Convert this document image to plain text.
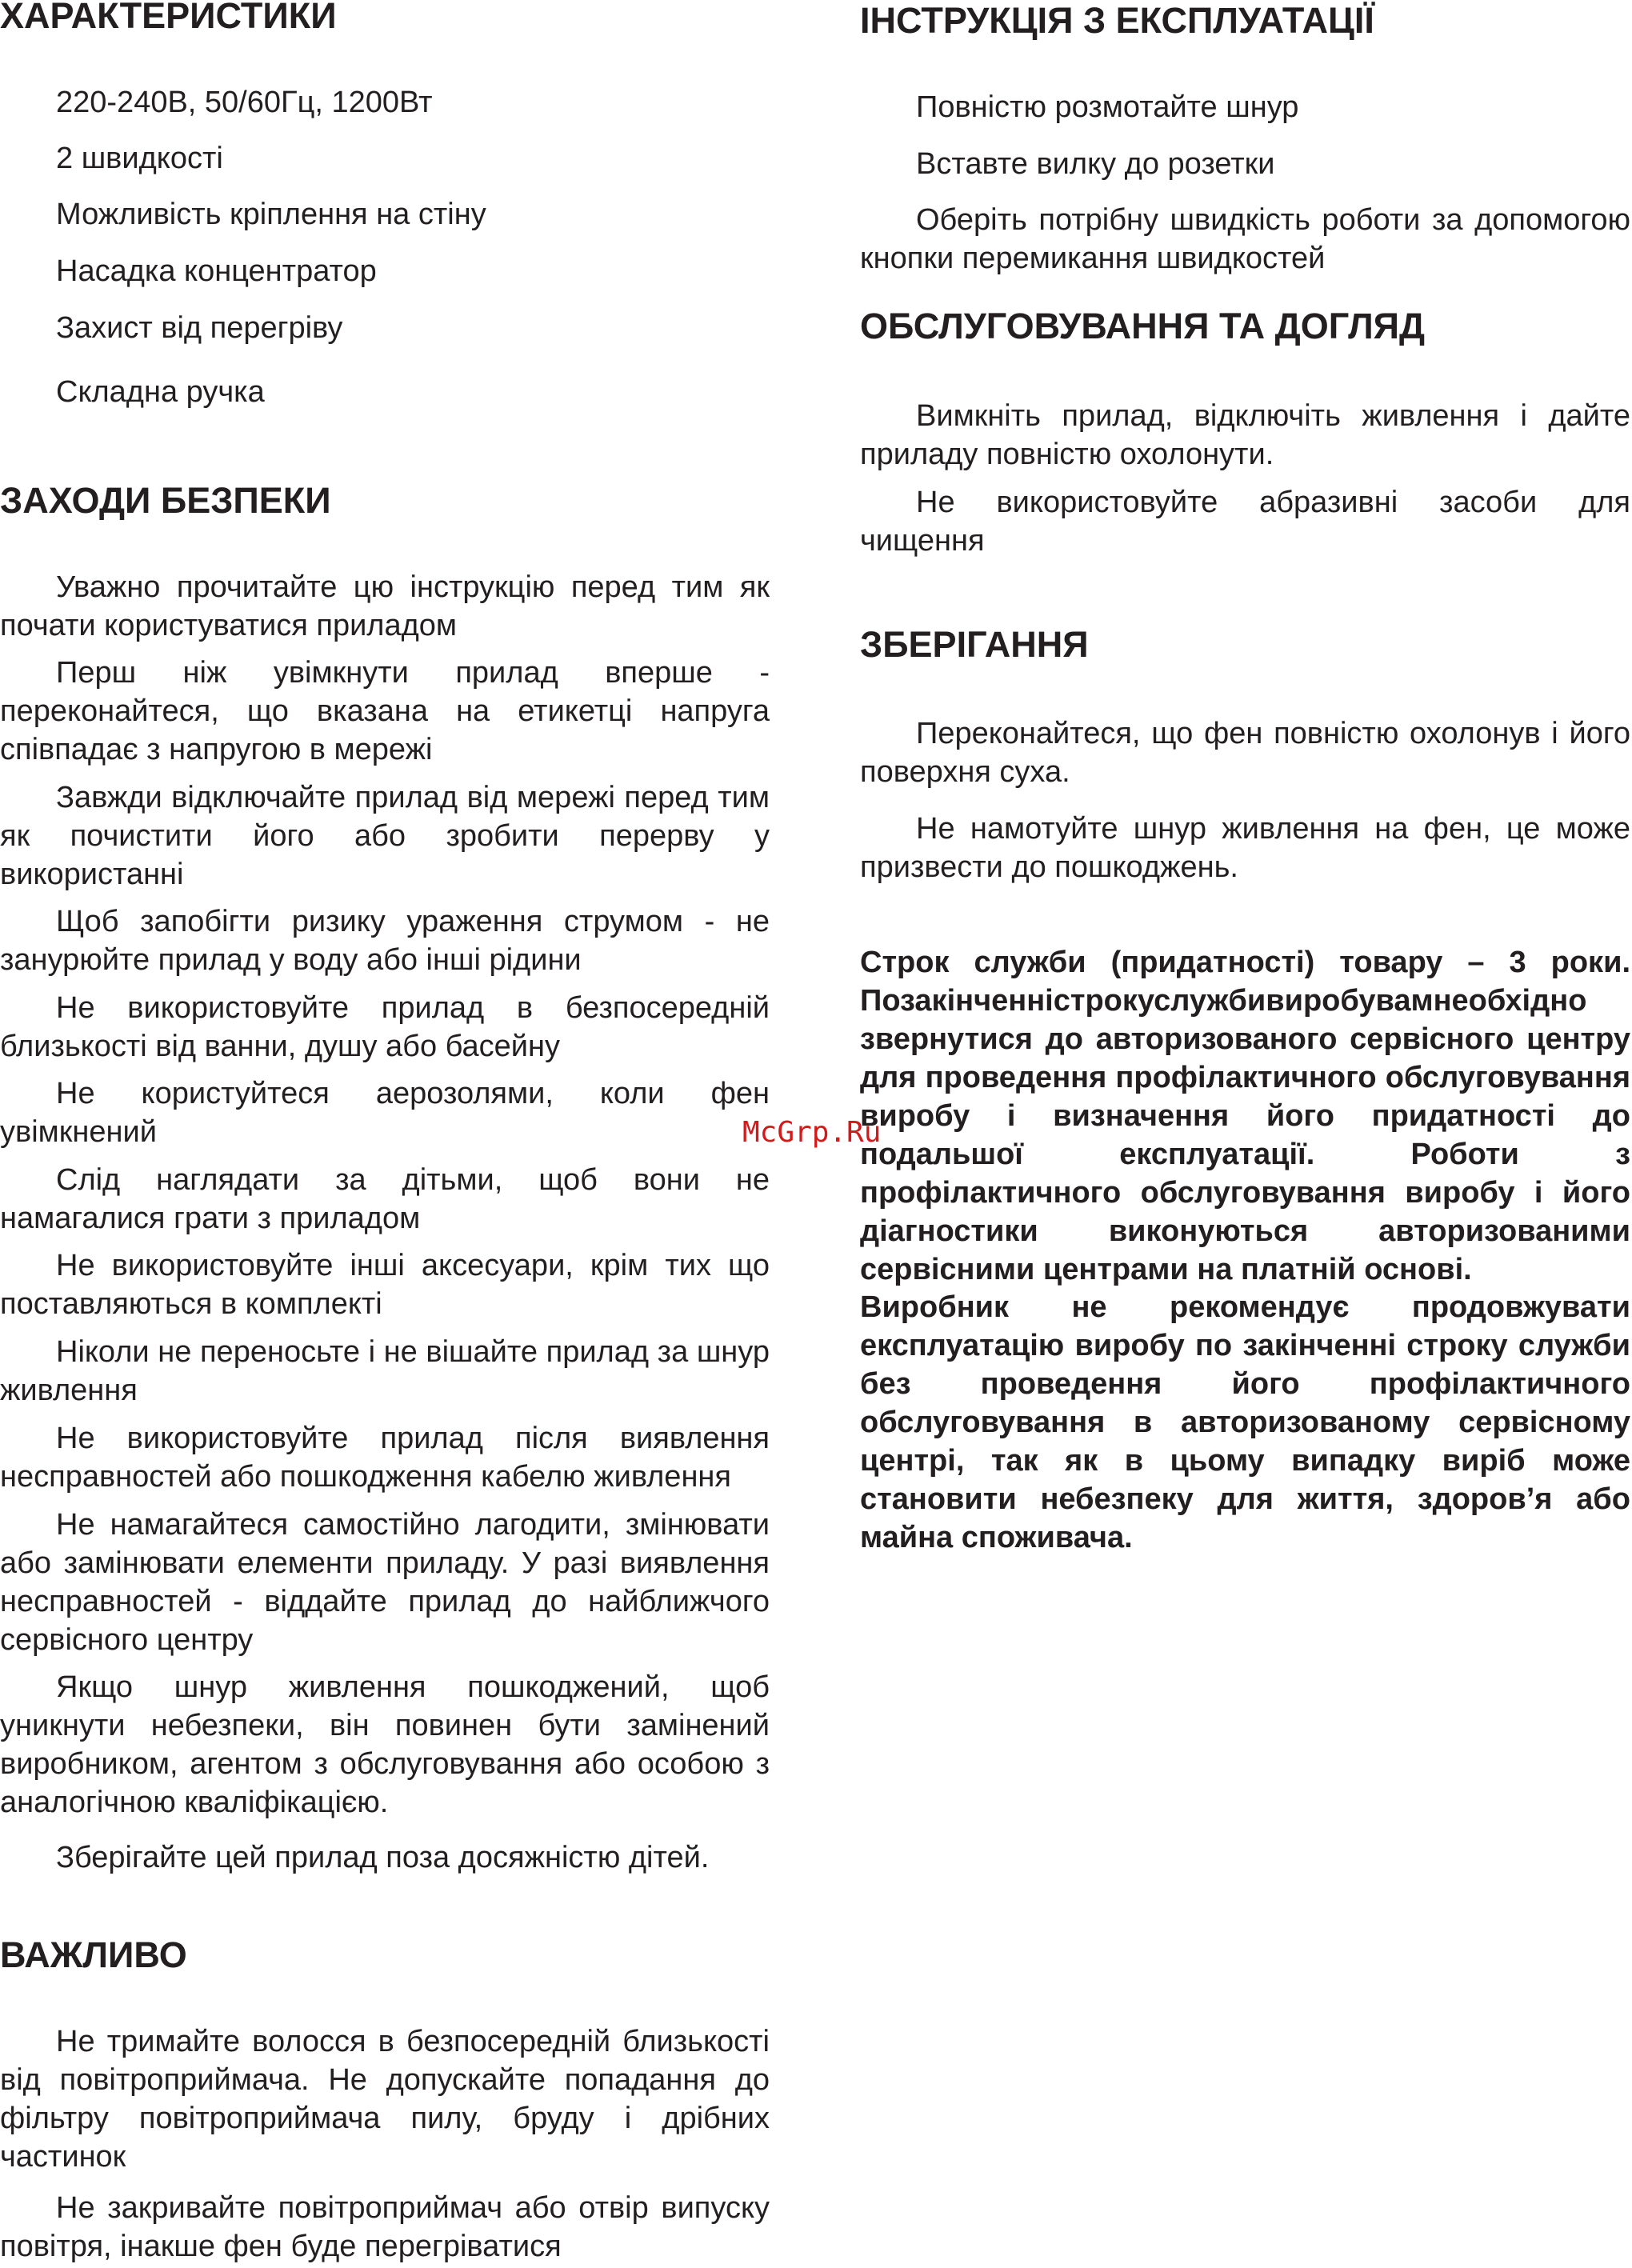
ХАРАКТЕРИСТИКИ

220-240В, 50/60Гц, 1200Вт

2 швидкості

Можливість кріплення на стіну

Насадка концентратор

Захист від перегріву

Складна ручка

ЗАХОДИ БЕЗПЕКИ

Уважно прочитайте цю інструкцію перед тим як почати користуватися приладом

Перш ніж увімкнути прилад вперше - переконайтеся, що вказана на етикетці напруга співпадає з напругою в мережі

Завжди відключайте прилад від мережі перед тим як почистити його або зробити перерву у використанні

Щоб запобігти ризику ураження струмом - не занурюйте прилад у воду або інші рідини

Не використовуйте прилад в безпосередній близькості від ванни, душу або басейну

Не користуйтеся аерозолями, коли фен увімкнений

Слід наглядати за дітьми, щоб вони не намагалися грати з приладом

Не використовуйте інші аксесуари, крім тих що поставляються в комплекті

Ніколи не переносьте і не вішайте прилад за шнур живлення

Не використовуйте прилад після виявлення несправностей або пошкодження кабелю живлення

Не намагайтеся самостійно лагодити, змінювати або замінювати елементи приладу. У разі виявлення несправностей - віддайте прилад до найближчого сервісного центру

Якщо шнур живлення пошкоджений, щоб уникнути небезпеки, він повинен бути замінений виробником, агентом з обслуговування або особою з аналогічною кваліфікацією.

Зберігайте цей прилад поза досяжністю дітей.

ВАЖЛИВО

Не тримайте волосся в безпосередній близькості від повітроприймача. Не допускайте попадання до фільтру повітроприймача пилу, бруду і дрібних частинок

Не закривайте повітроприймач або отвір випуску повітря, інакше фен буде перегріватися

ІНСТРУКЦІЯ З ЕКСПЛУАТАЦІЇ

Повністю розмотайте шнур

Вставте вилку до розетки

Оберіть потрібну швидкість роботи за допомогою кнопки перемикання швидкостей

ОБСЛУГОВУВАННЯ ТА ДОГЛЯД

Вимкніть прилад, відключіть живлення і дайте приладу повністю охолонути.

Не використовуйте абразивні засоби для чищення

ЗБЕРІГАННЯ

Переконайтеся, що фен повністю охолонув і його поверхня суха.

Не намотуйте шнур живлення на фен, це може призвести до пошкоджень.

Строк служби (придатності) товару – 3 роки. Позакінченністрокуслужбивиробувамнеобхідно звернутися до авторизованого сервісного центру для проведення профілактичного обслуговування виробу і визначення його придатності до подальшої експлуатації. Роботи з профілактичного обслуговування виробу і його діагностики виконуються авторизованими сервісними центрами на платній основі.

Виробник не рекомендує продовжувати експлуатацію виробу по закінченні строку служби без проведення його профілактичного обслуговування в авторизованому сервісному центрі, так як в цьому випадку виріб може становити небезпеку для життя, здоров’я або майна споживача.

McGrp.Ru
